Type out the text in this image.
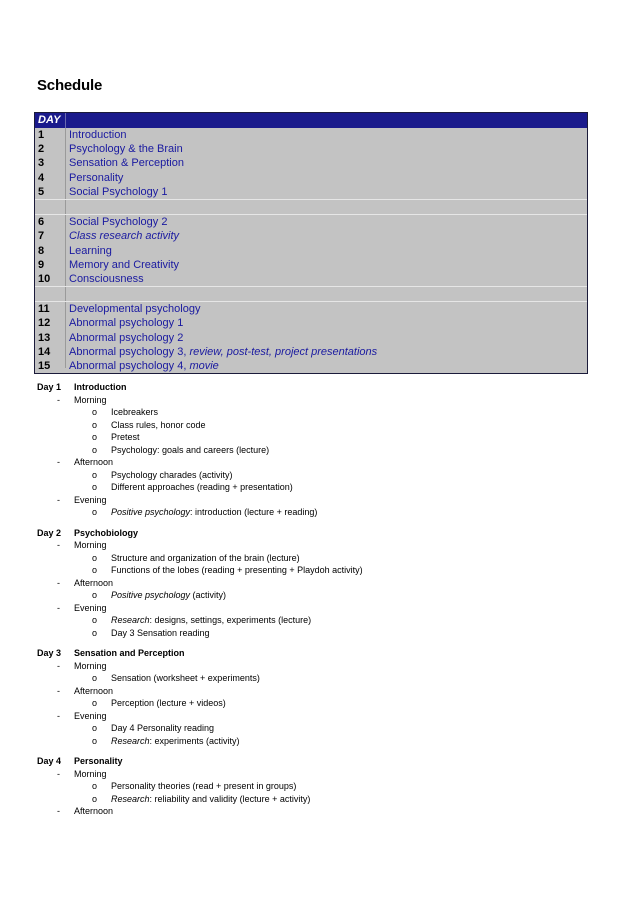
Schedule
DAY
1 Introduction
2 Psychology & the Brain
3 Sensation & Perception
4 Personality
5 Social Psychology 1
6 Social Psychology 2
7 Class research activity
8 Learning
9 Memory and Creativity
10 Consciousness
11 Developmental psychology
12 Abnormal psychology 1
13 Abnormal psychology 2
14 Abnormal psychology 3, review, post-test, project presentations
15 Abnormal psychology 4, movie
Day 1 Introduction
- Morning
o Icebreakers
o Class rules, honor code
o Pretest
o Psychology: goals and careers (lecture)
- Afternoon
o Psychology charades (activity)
o Different approaches (reading + presentation)
- Evening
o Positive psychology: introduction (lecture + reading)
Day 2 Psychobiology
- Morning
o Structure and organization of the brain (lecture)
o Functions of the lobes (reading + presenting + Playdoh activity)
- Afternoon
o Positive psychology (activity)
- Evening
o Research: designs, settings, experiments (lecture)
o Day 3 Sensation reading
Day 3 Sensation and Perception
- Morning
o Sensation (worksheet + experiments)
- Afternoon
o Perception (lecture + videos)
- Evening
o Day 4 Personality reading
o Research: experiments (activity)
Day 4 Personality
- Morning
o Personality theories (read + present in groups)
o Research: reliability and validity (lecture + activity)
- Afternoon
